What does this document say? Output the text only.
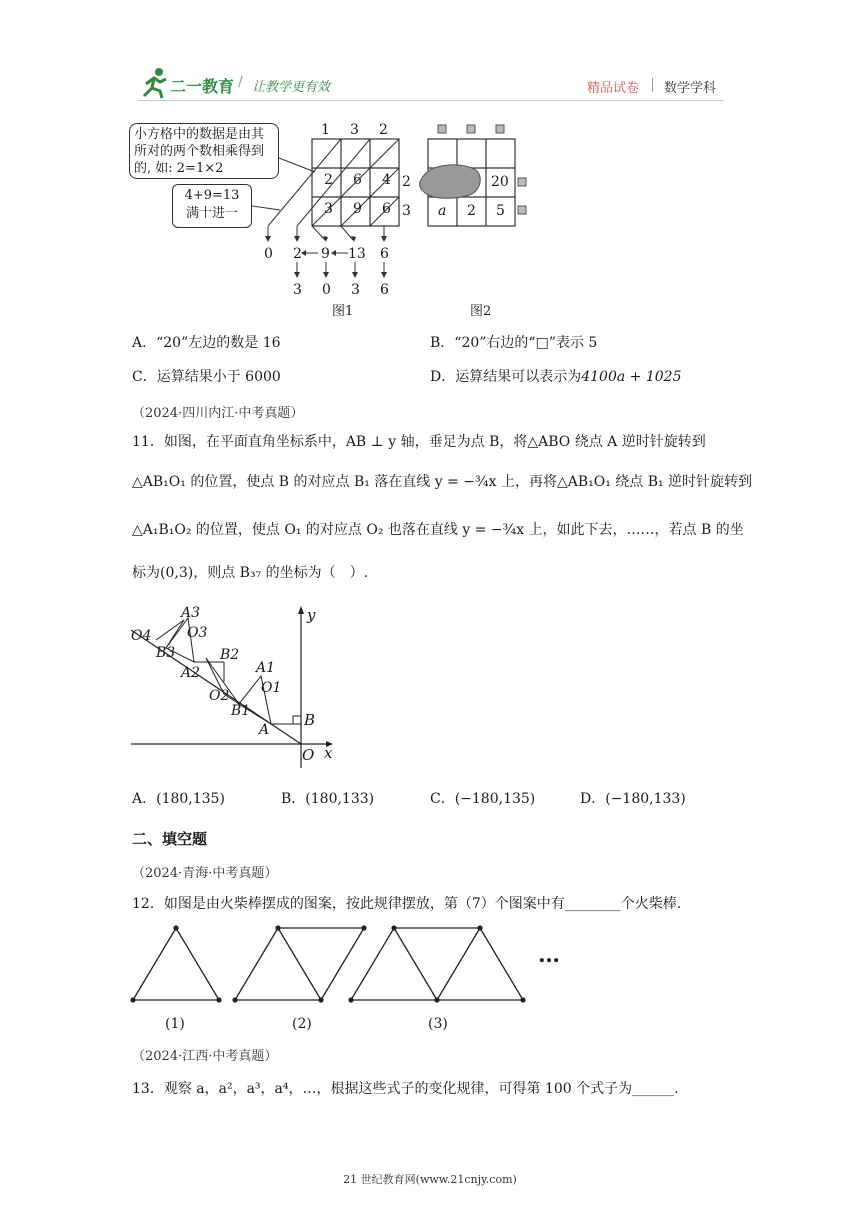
二一教育 / 让教学更有效	精品试卷 数学学科
小方格中的数据是由其
所对的两个数相乘得到
的, 如: 2=1×2
4+9=13
满十进一
1 3 2
2 6 4
3 9 6
2
3
0 2 9 13 6
3 0 3 6
图1
20
a 2 5
图2
A．“20”左边的数是 16	B．“20”右边的“□”表示 5
C．运算结果小于 6000	D．运算结果可以表示为4100a + 1025
（2024·四川内江·中考真题）
11．如图，在平面直角坐标系中，AB ⊥ y 轴，垂足为点 B，将△ABO 绕点 A 逆时针旋转到
△AB₁O₁ 的位置，使点 B 的对应点 B₁ 落在直线 y = −¾x 上，再将△AB₁O₁ 绕点 B₁ 逆时针旋转到
△A₁B₁O₂ 的位置，使点 O₁ 的对应点 O₂ 也落在直线 y = −¾x 上，如此下去，……，若点 B 的坐
标为(0,3)，则点 B₃₇ 的坐标为（　）.
A3
O4	O3
B3	B2
A2	A1
O2 O1
B1
A
B
O x
y
A．(180,135)	B．(180,133)	C．(−180,135)	D．(−180,133)
二、填空题
（2024·青海·中考真题）
12．如图是由火柴棒摆成的图案，按此规律摆放，第（7）个图案中有________个火柴棒.
…
(1)	(2)	(3)
（2024·江西·中考真题）
13．观察 a，a²，a³，a⁴，…，根据这些式子的变化规律，可得第 100 个式子为______.
21 世纪教育网(www.21cnjy.com)
